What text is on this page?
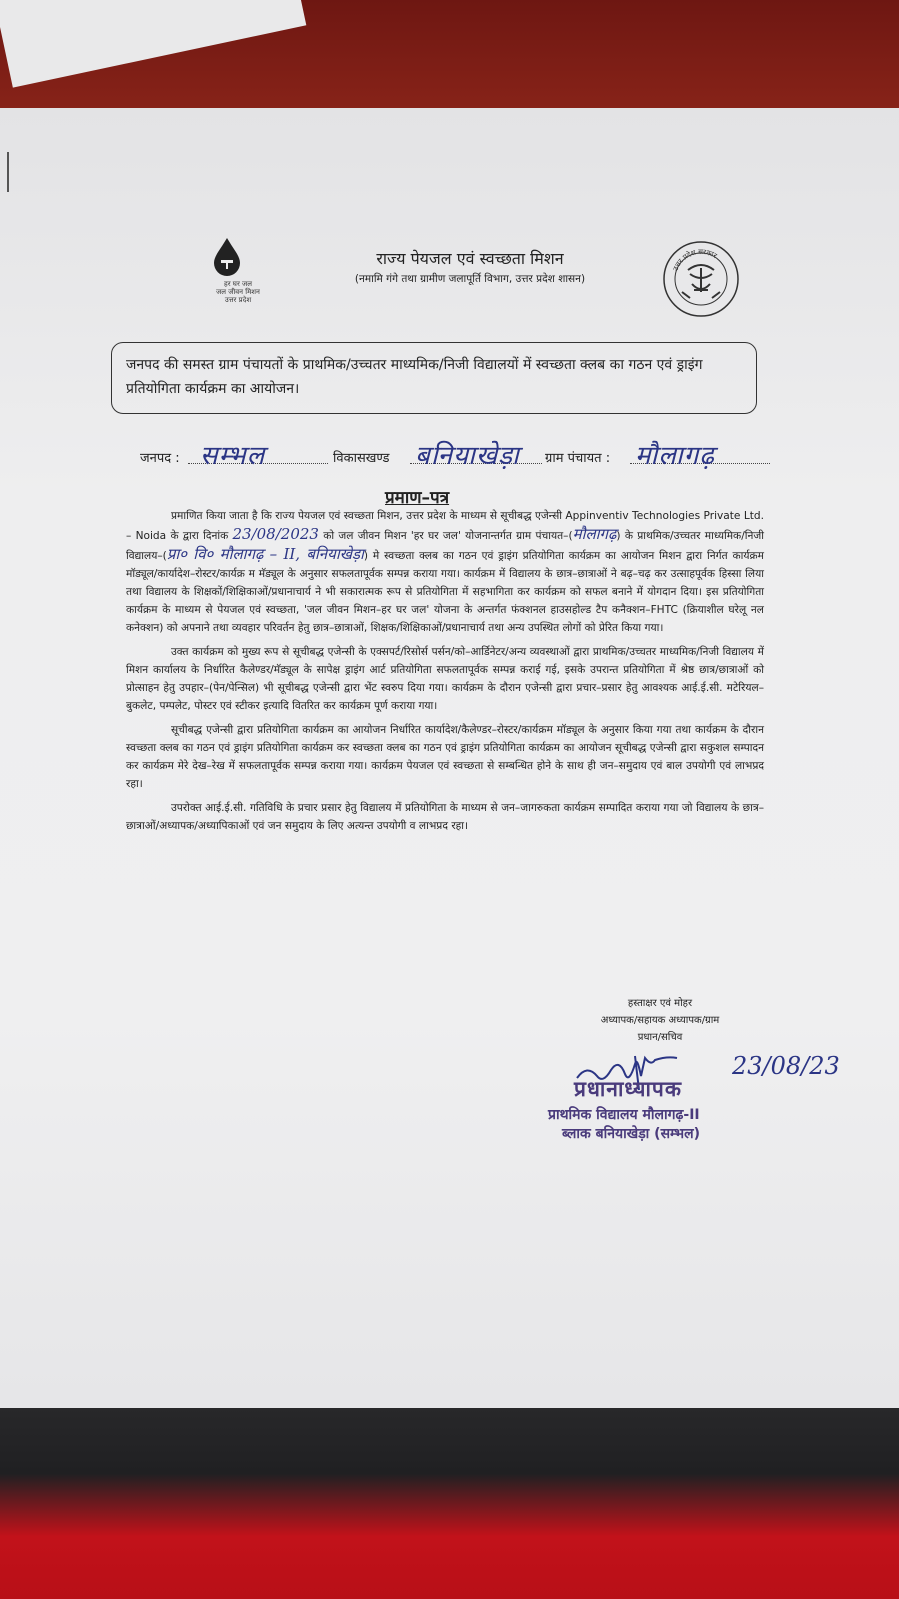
हर घर जल
जल जीवन मिशन
उत्तर प्रदेश
राज्य पेयजल एवं स्वच्छता मिशन
(नमामि गंगे तथा ग्रामीण जलापूर्ति विभाग, उत्तर प्रदेश शासन)
उत्तर प्रदेश सरकार
जनपद की समस्त ग्राम पंचायतों के प्राथमिक/उच्चतर माध्यमिक/निजी विद्यालयों में स्वच्छता क्लब का गठन एवं ड्राइंग प्रतियोगिता कार्यक्रम का आयोजन।
जनपद : सम्भल	विकासखण्ड बनियाखेड़ा ग्राम पंचायत : मौलागढ़
प्रमाण–पत्र

प्रमाणित किया जाता है कि राज्य पेयजल एवं स्वच्छता मिशन, उत्तर प्रदेश के माध्यम से सूचीबद्ध एजेन्सी Appinventiv Technologies Private Ltd. – Noida के द्वारा दिनांक 23/08/2023 को जल जीवन मिशन 'हर घर जल' योजनान्तर्गत ग्राम पंचायत–(मौलागढ़) के प्राथमिक/उच्चतर माध्यमिक/निजी विद्यालय–(प्रा० वि० मौलागढ़ – II, बनियाखेड़ा) मे स्वच्छता क्लब का गठन एवं ड्राइंग प्रतियोगिता कार्यक्रम का आयोजन मिशन द्वारा निर्गत कार्यक्रम मॉड्यूल/कार्यादेश–रोस्टर/कार्यक्र म मॅड्यूल के अनुसार सफलतापूर्वक सम्पन्न कराया गया। कार्यक्रम में विद्यालय के छात्र–छात्राओं ने बढ़–चढ़ कर उत्साहपूर्वक हिस्सा लिया तथा विद्यालय के शिक्षकों/शिक्षिकाओं/प्रधानाचार्य ने भी सकारात्मक रूप से प्रतियोगिता में सहभागिता कर कार्यक्रम को सफल बनाने में योगदान दिया। इस प्रतियोगिता कार्यक्रम के माध्यम से पेयजल एवं स्वच्छता, 'जल जीवन मिशन–हर घर जल' योजना के अन्तर्गत फंक्शनल हाउसहोल्ड टैप कनैक्शन–FHTC (क्रियाशील घरेलू नल कनेक्शन) को अपनाने तथा व्यवहार परिवर्तन हेतु छात्र–छात्राओं, शिक्षक/शिक्षिकाओं/प्रधानाचार्य तथा अन्य उपस्थित लोगों को प्रेरित किया गया।

उक्त कार्यक्रम को मुख्य रूप से सूचीबद्ध एजेन्सी के एक्सपर्ट/रिसोर्स पर्सन/को–आर्डिनेटर/अन्य व्यवस्थाओं द्वारा प्राथमिक/उच्चतर माध्यमिक/निजी विद्यालय में मिशन कार्यालय के निर्धारित कैलेण्डर/मॅड्यूल के सापेक्ष ड्राइंग आर्ट प्रतियोगिता सफलतापूर्वक सम्पन्न कराई गई, इसके उपरान्त प्रतियोगिता में श्रेष्ठ छात्र/छात्राओं को प्रोत्साहन हेतु उपहार–(पेन/पेन्सिल) भी सूचीबद्ध एजेन्सी द्वारा भेंट स्वरुप दिया गया। कार्यक्रम के दौरान एजेन्सी द्वारा प्रचार–प्रसार हेतु आवश्यक आई.ई.सी. मटेरियल–बुकलेट, पम्पलेट, पोस्टर एवं स्टीकर इत्यादि वितरित कर कार्यक्रम पूर्ण कराया गया।

सूचीबद्ध एजेन्सी द्वारा प्रतियोगिता कार्यक्रम का आयोजन निर्धारित कार्यादेश/कैलेण्डर–रोस्टर/कार्यक्रम मॉड्यूल के अनुसार किया गया तथा कार्यक्रम के दौरान स्वच्छता क्लब का गठन एवं ड्राइंग प्रतियोगिता कार्यक्रम कर स्वच्छता क्लब का गठन एवं ड्राइंग प्रतियोगिता कार्यक्रम का आयोजन सूचीबद्ध एजेन्सी द्वारा सकुशल सम्पादन कर कार्यक्रम मेरे देख–रेख में सफलतापूर्वक सम्पन्न कराया गया। कार्यक्रम पेयजल एवं स्वच्छता से सम्बन्धित होने के साथ ही जन–समुदाय एवं बाल उपयोगी एवं लाभप्रद रहा।

उपरोक्त आई.ई.सी. गतिविधि के प्रचार प्रसार हेतु विद्यालय में प्रतियोगिता के माध्यम से जन–जागरुकता कार्यक्रम सम्पादित कराया गया जो विद्यालय के छात्र–छात्राओं/अध्यापक/अध्यापिकाओं एवं जन समुदाय के लिए अत्यन्त उपयोगी व लाभप्रद रहा।

हस्ताक्षर एवं मोहर
अध्यापक/सहायक अध्यापक/ग्राम
प्रधान/सचिव
23/08/23
प्रधानाध्यापक
प्राथमिक विद्यालय मौलागढ़-II
ब्लाक बनियाखेड़ा (सम्भल)
